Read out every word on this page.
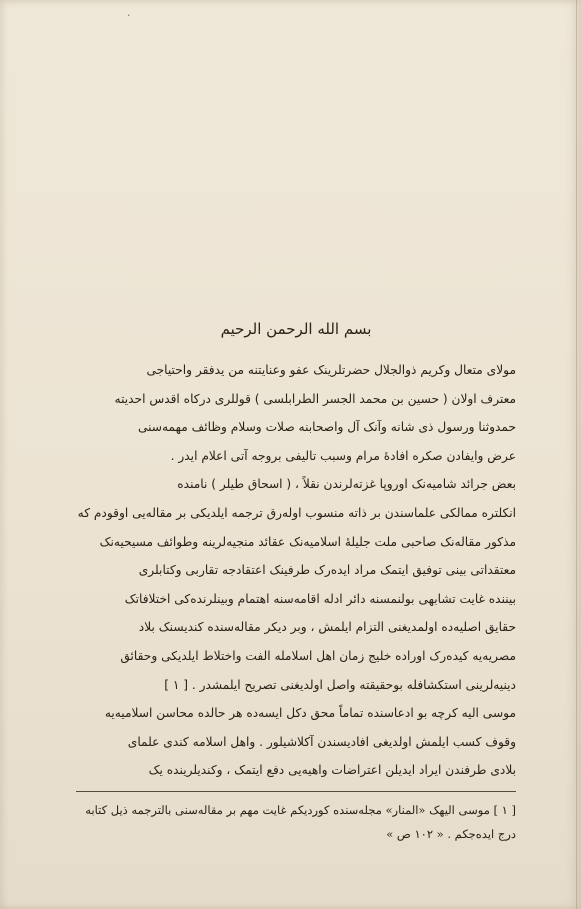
٠
بسم الله الرحمن الرحيم

مولای متعال وکریم ذوالجلال حضرتلرینک عفو وعنایتنه من یدفقر واحتیاجی
معترف اولان ( حسین بن محمد الجسر الطرابلسی ) قوللری درکاه اقدس احدیته
حمدوثنا ورسول ذی شانه وآنک آل واصحابنه صلات وسلام وظائف مهمه‌سنی
عرض وایفادن صکره افادهٔ مرام وسبب تالیفی بروجه آتی اعلام ایدر .

بعض جرائد شامیه‌نک اوروپا غزته‌لرندن نقلاً ، ( اسحاق طیلر ) نامنده
انکلتره ممالکی علماسندن بر ذاته منسوب اوله‌رق ترجمه ایلدیکی بر مقاله‌یی اوقودم که
مذکور مقاله‌نک صاحبی ملت جلیلهٔ اسلامیه‌نک عقائد منجیه‌لرینه وطوائف مسیحیه‌نک
معتقداتی بینی توفیق ایتمک مراد ایده‌رک طرفینک اعتقادجه تقاربی وکتابلری
بیننده غایت تشابهی بولنمسنه دائر ادله اقامه‌سنه اهتمام وبینلرنده‌کی اختلافاتک
حقایق اصلیه‌ده اولمدیغنی التزام ایلمش ، وبر دیکر مقاله‌سنده کندیسنک بلاد
مصریه‌یه کیده‌رک اوراده خلیج زمان اهل اسلامله الفت واختلاط ایلدیکی وحقائق
دینیه‌لرینی استکشافله بوحقیقته واصل اولدیغنی تصریح ایلمشدر . [ ۱ ]

موسی الیه کرچه بو ادعاسنده تماماً محق دکل ایسه‌ده هر حالده محاسن اسلامیه‌یه
وقوف کسب ایلمش اولدیغی افادیسندن آکلاشیلور . واهل اسلامه کندی علمای
بلادی طرفندن ایراد ایدیلن اعتراضات واهیه‌یی دفع ایتمک ، وکندیلرینده یک

[ ۱ ] موسی الیهک «المنار» مجله‌سنده کوردیکم غایت مهم بر مقاله‌سنی بالترجمه ذیل کتابه
درج ایده‌جکم . « ۱۰۲ ص »
